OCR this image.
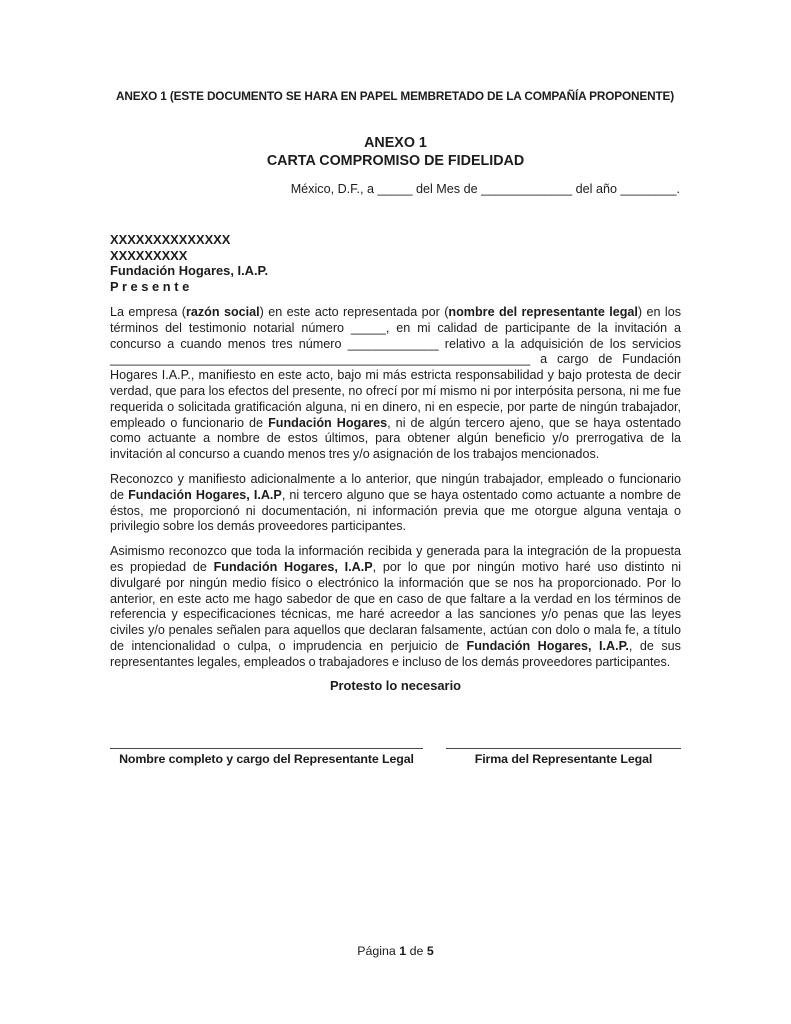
ANEXO 1 (ESTE DOCUMENTO SE HARA EN PAPEL MEMBRETADO DE LA COMPAÑÍA PROPONENTE)
ANEXO 1
CARTA COMPROMISO DE FIDELIDAD
México, D.F., a _____ del Mes de _____________ del año ________.
XXXXXXXXXXXXXX
XXXXXXXXX
Fundación Hogares, I.A.P.
P r e s e n t e

La empresa (razón social) en este acto representada por (nombre del representante legal) en los términos del testimonio notarial número _____, en mi calidad de participante de la invitación a concurso a cuando menos tres número _____________ relativo a la adquisición de los servicios ____________________________________________________________ a cargo de Fundación Hogares I.A.P., manifiesto en este acto, bajo mi más estricta responsabilidad y bajo protesta de decir verdad, que para los efectos del presente, no ofrecí por mí mismo ni por interpósita persona, ni me fue requerida o solicitada gratificación alguna, ni en dinero, ni en especie, por parte de ningún trabajador, empleado o funcionario de Fundación Hogares, ni de algún tercero ajeno, que se haya ostentado como actuante a nombre de estos últimos, para obtener algún beneficio y/o prerrogativa de la invitación al concurso a cuando menos tres y/o asignación de los trabajos mencionados.

Reconozco y manifiesto adicionalmente a lo anterior, que ningún trabajador, empleado o funcionario de Fundación Hogares, I.A.P, ni tercero alguno que se haya ostentado como actuante a nombre de éstos, me proporcionó ni documentación, ni información previa que me otorgue alguna ventaja o privilegio sobre los demás proveedores participantes.

Asimismo reconozco que toda la información recibida y generada para la integración de la propuesta es propiedad de Fundación Hogares, I.A.P, por lo que por ningún motivo haré uso distinto ni divulgaré por ningún medio físico o electrónico la información que se nos ha proporcionado. Por lo anterior, en este acto me hago sabedor de que en caso de que faltare a la verdad en los términos de referencia y especificaciones técnicas, me haré acreedor a las sanciones y/o penas que las leyes civiles y/o penales señalen para aquellos que declaran falsamente, actúan con dolo o mala fe, a título de intencionalidad o culpa, o imprudencia en perjuicio de Fundación Hogares, I.A.P., de sus representantes legales, empleados o trabajadores e incluso de los demás proveedores participantes.

Protesto lo necesario
Nombre completo y cargo del Representante Legal	Firma del Representante Legal
Página 1 de 5
